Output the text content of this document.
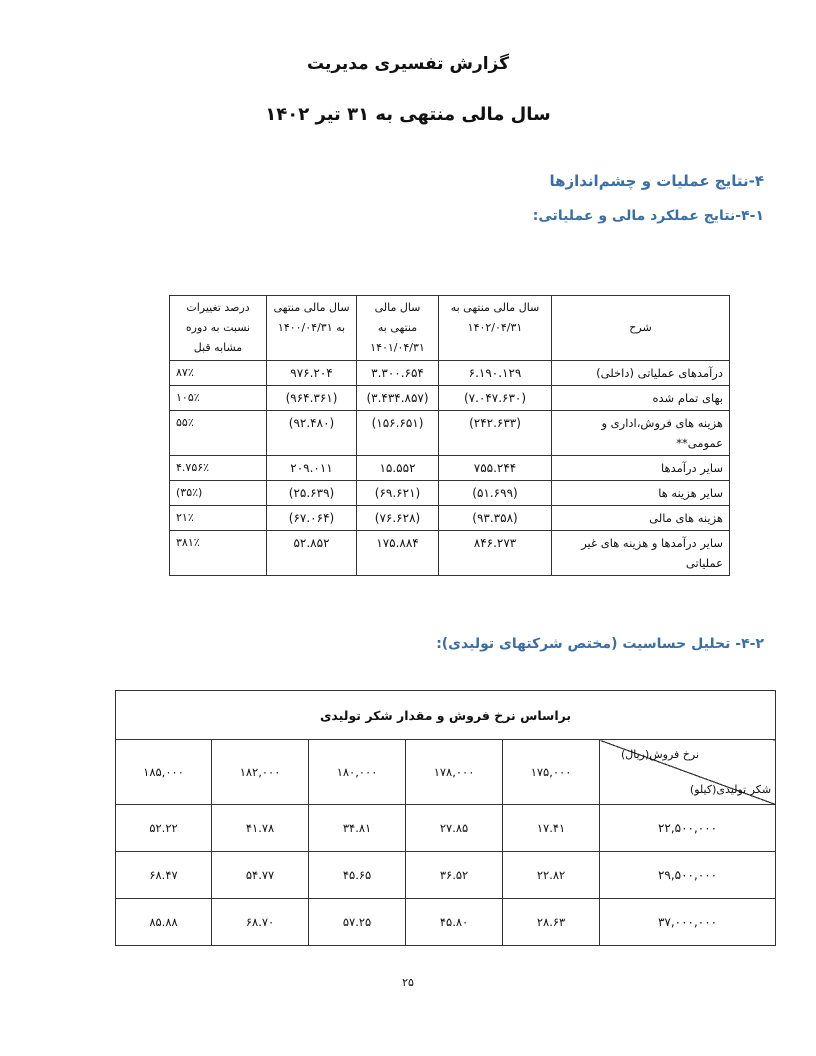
گزارش تفسیری مدیریت
سال مالی منتهی به ۳۱ تیر ۱۴۰۲
۴-نتایج عملیات و چشم‌اندازها
۴-۱-نتایج عملکرد مالی و عملیاتی:
شرح	سال مالی منتهی به ۱۴۰۲/۰۴/۳۱	سال مالی منتهی به ۱۴۰۱/۰۴/۳۱	سال مالی منتهی به ۱۴۰۰/۰۴/۳۱	درصد تغییرات نسبت به دوره مشابه قبل
درآمدهای عملیاتی (داخلی)	۶.۱۹۰.۱۲۹	۳.۳۰۰.۶۵۴	۹۷۶.۲۰۴	۸۷٪
بهای تمام شده	(۷.۰۴۷.۶۳۰)	(۳.۴۳۴.۸۵۷)	(۹۶۴.۳۶۱)	۱۰۵٪
هزینه های فروش،اداری و عمومی**	(۲۴۲.۶۳۳)	(۱۵۶.۶۵۱)	(۹۲.۴۸۰)	۵۵٪
سایر درآمدها	۷۵۵.۲۴۴	۱۵.۵۵۲	۲۰۹.۰۱۱	۴.۷۵۶٪
سایر هزینه ها	(۵۱.۶۹۹)	(۶۹.۶۲۱)	(۲۵.۶۳۹)	(۳۵٪)
هزینه های مالی	(۹۳.۳۵۸)	(۷۶.۶۲۸)	(۶۷.۰۶۴)	۲۱٪
سایر درآمدها و هزینه های غیر عملیاتی	۸۴۶.۲۷۳	۱۷۵.۸۸۴	۵۲.۸۵۲	۳۸۱٪
۴-۲- تحلیل حساسیت (مختص شرکتهای تولیدی):
براساس نرخ فروش و مقدار شکر تولیدی					

نرخ فروش(ریال)
شکر تولیدی(کیلو)	۱۷۵,۰۰۰	۱۷۸,۰۰۰	۱۸۰,۰۰۰	۱۸۲,۰۰۰	۱۸۵,۰۰۰
۲۲,۵۰۰,۰۰۰	۱۷.۴۱	۲۷.۸۵	۳۴.۸۱	۴۱.۷۸	۵۲.۲۲
۲۹,۵۰۰,۰۰۰	۲۲.۸۲	۳۶.۵۲	۴۵.۶۵	۵۴.۷۷	۶۸.۴۷
۳۷,۰۰۰,۰۰۰	۲۸.۶۳	۴۵.۸۰	۵۷.۲۵	۶۸.۷۰	۸۵.۸۸
۲۵
